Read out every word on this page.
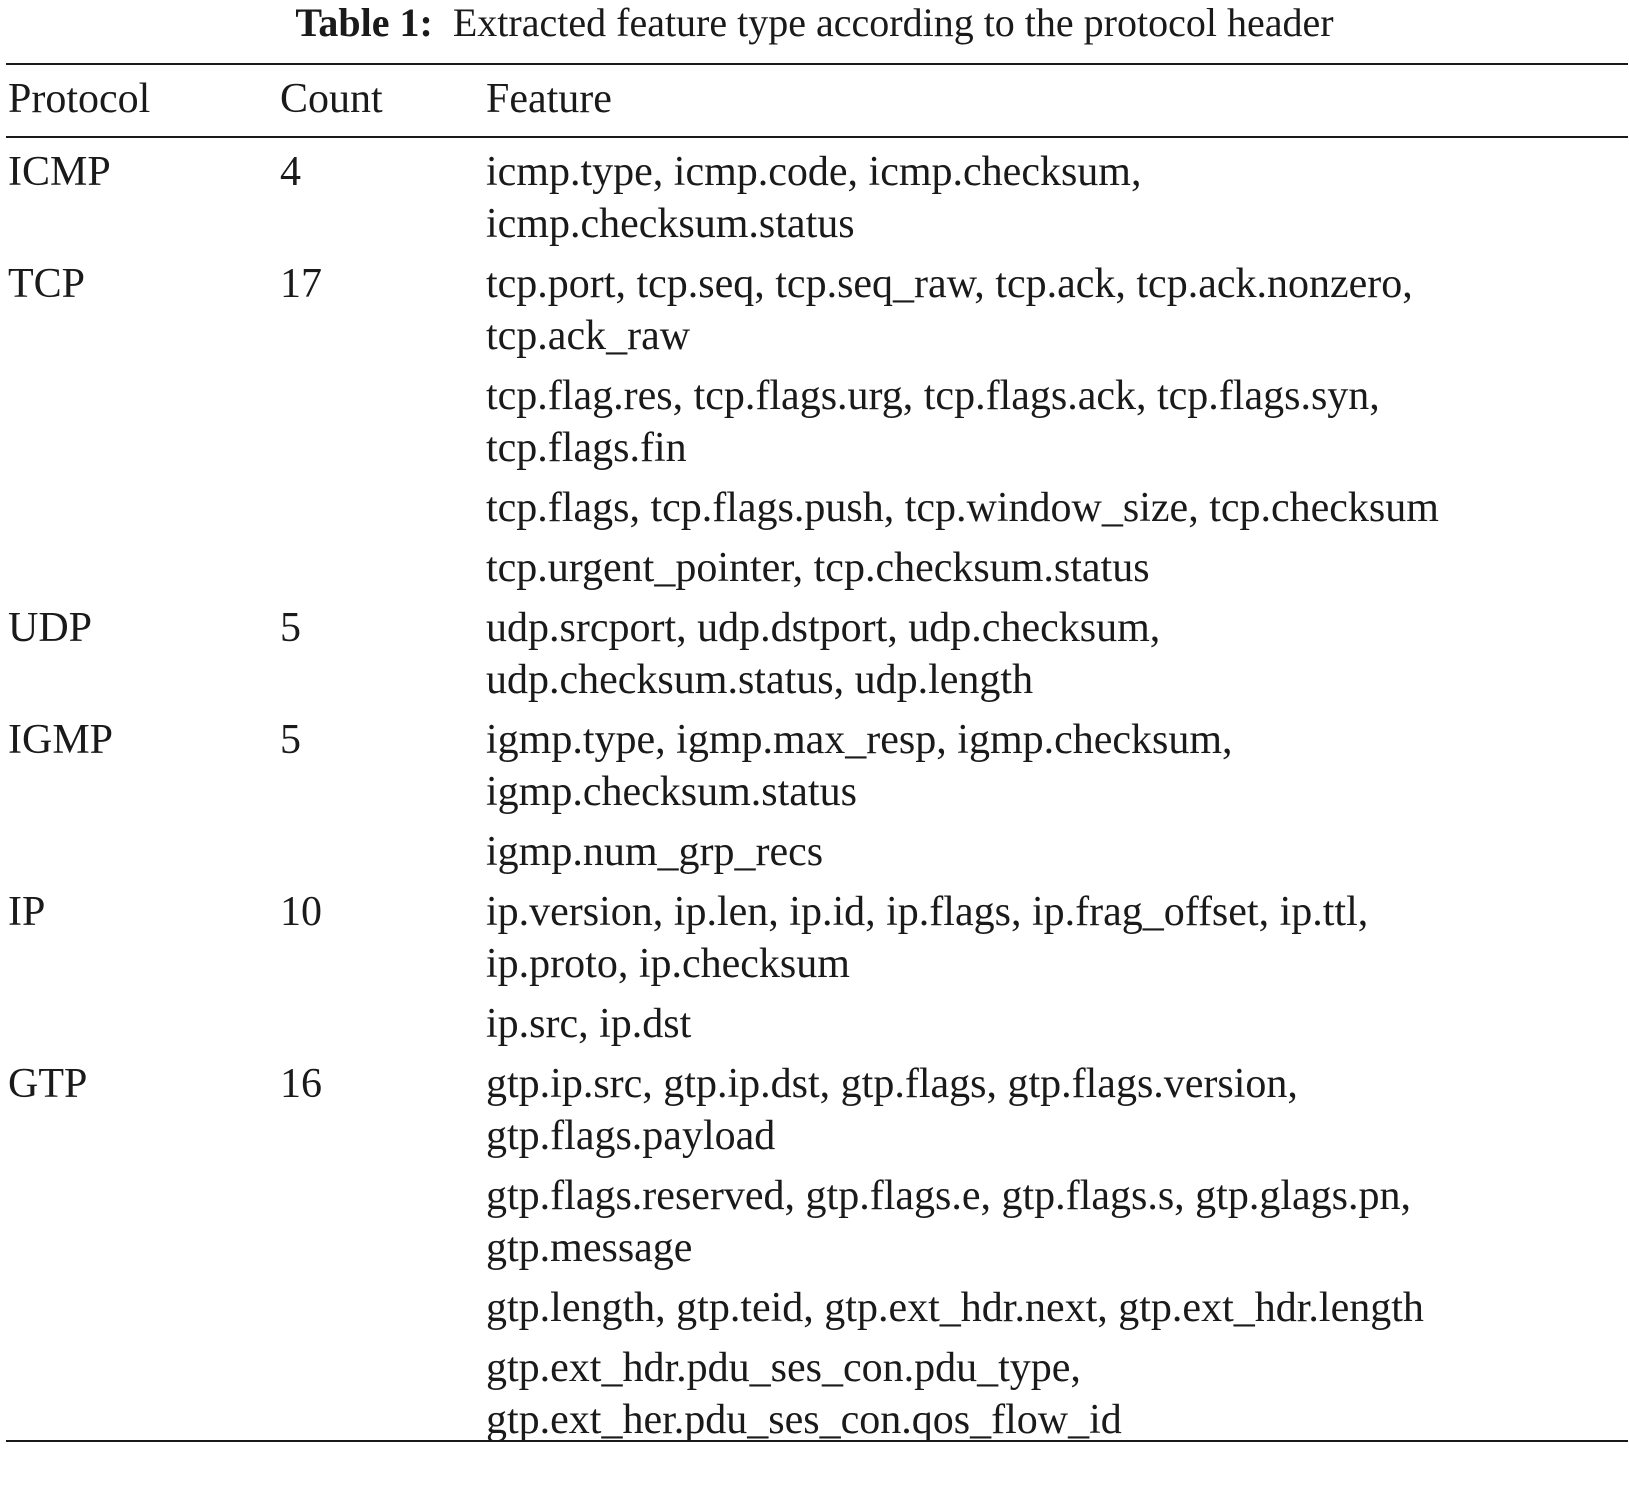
Table 1: Extracted feature type according to the protocol header
Protocol	Count Feature
ICMP	4	icmp.type, icmp.code, icmp.checksum,
icmp.checksum.status
TCP	17	tcp.port, tcp.seq, tcp.seq_raw, tcp.ack, tcp.ack.nonzero,
tcp.ack_raw
tcp.flag.res, tcp.flags.urg, tcp.flags.ack, tcp.flags.syn,
tcp.flags.fin
tcp.flags, tcp.flags.push, tcp.window_size, tcp.checksum
tcp.urgent_pointer, tcp.checksum.status
UDP	5	udp.srcport, udp.dstport, udp.checksum,
udp.checksum.status, udp.length
IGMP	5	igmp.type, igmp.max_resp, igmp.checksum,
igmp.checksum.status
igmp.num_grp_recs
IP	10	ip.version, ip.len, ip.id, ip.flags, ip.frag_offset, ip.ttl,
ip.proto, ip.checksum
ip.src, ip.dst
GTP	16	gtp.ip.src, gtp.ip.dst, gtp.flags, gtp.flags.version,
gtp.flags.payload
gtp.flags.reserved, gtp.flags.e, gtp.flags.s, gtp.glags.pn,
gtp.message
gtp.length, gtp.teid, gtp.ext_hdr.next, gtp.ext_hdr.length
gtp.ext_hdr.pdu_ses_con.pdu_type,
gtp.ext_her.pdu_ses_con.qos_flow_id
